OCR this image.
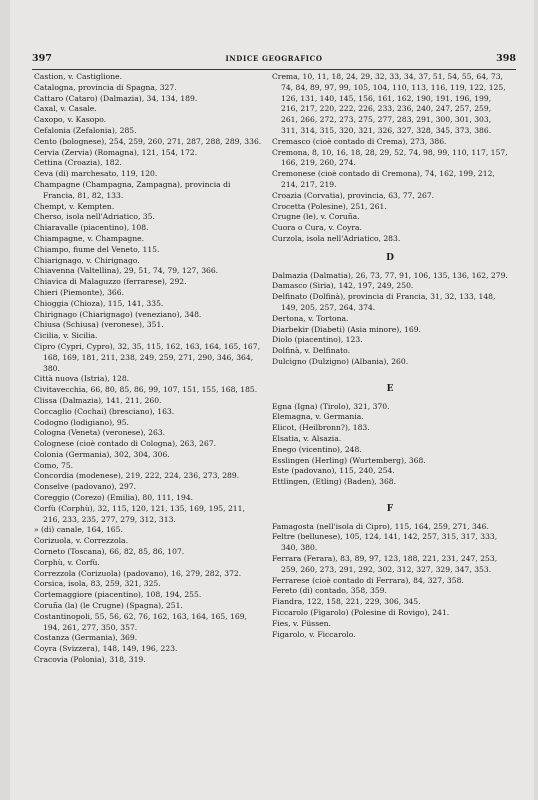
397	INDICE GEOGRAFICO	398
Castion, v. Castiglione.
Catalogna, provincia di Spagna, 327.
Cattaro (Cataro) (Dalmazia), 34, 134, 189.
Caxal, v. Casale.
Caxopo, v. Kasopo.
Cefalonia (Zefalonia), 285.
Cento (bolognese), 254, 259, 260, 271, 287, 288, 289, 336.
Cervia (Zervia) (Romagna), 121, 154, 172.
Cettina (Croazia), 182.
Ceva (di) marchesato, 119, 120.
Champagne (Champagna, Zampagna), provincia di Francia, 81, 82, 133.
Chempt, v. Kempten.
Cherso, isola nell'Adriatico, 35.
Chiaravalle (piacentino), 108.
Chiampagne, v. Champagne.
Chiampo, fiume del Veneto, 115.
Chiarignago, v. Chirignago.
Chiavenna (Valtellina), 29, 51, 74, 79, 127, 366.
Chiavica di Malaguzzo (ferrarese), 292.
Chieri (Piemonte), 366.
Chioggia (Chioza), 115, 141, 335.
Chirignago (Chiarignago) (veneziano), 348.
Chiusa (Schiusa) (veronese), 351.
Cicilia, v. Sicilia.
Cipro (Cypri, Cypro), 32, 35, 115, 162, 163, 164, 165, 167, 168, 169, 181, 211, 238, 249, 259, 271, 290, 346, 364, 380.
Città nuova (Istria), 128.
Civitavecchia, 66, 80, 85, 86, 99, 107, 151, 155, 168, 185.
Clissa (Dalmazia), 141, 211, 260.
Coccaglio (Cochai) (bresciano), 163.
Codogno (lodigiano), 95.
Cologna (Veneta) (veronese), 263.
Colognese (cioè contado di Cologna), 263, 267.
Colonia (Germania), 302, 304, 306.
Como, 75.
Concordia (modenese), 219, 222, 224, 236, 273, 289.
Conselve (padovano), 297.
Coreggio (Corezo) (Emilia), 80, 111, 194.
Corfù (Corphù), 32, 115, 120, 121, 135, 169, 195, 211, 216, 233, 235, 277, 279, 312, 313.
» (di) canale, 164, 165.
Corizuola, v. Correzzola.
Corneto (Toscana), 66, 82, 85, 86, 107.
Corphù, v. Corfù.
Correzzola (Corizuola) (padovano), 16, 279, 282, 372.
Corsica, isola, 83, 259, 321, 325.
Cortemaggiore (piacentino), 108, 194, 255.
Coruña (la) (le Crugne) (Spagna), 251.
Costantinopoli, 55, 56, 62, 76, 162, 163, 164, 165, 169, 194, 261, 277, 350, 357.
Costanza (Germania), 369.
Coyra (Svizzera), 148, 149, 196, 223.
Cracovia (Polonia), 318, 319.
Crema, 10, 11, 18, 24, 29, 32, 33, 34, 37, 51, 54, 55, 64, 73, 74, 84, 89, 97, 99, 105, 104, 110, 113, 116, 119, 122, 125, 126, 131, 140, 145, 156, 161, 162, 190, 191, 196, 199, 216, 217, 220, 222, 226, 233, 236, 240, 247, 257, 259, 261, 266, 272, 273, 275, 277, 283, 291, 300, 301, 303, 311, 314, 315, 320, 321, 326, 327, 328, 345, 373, 386.
Cremasco (cioè contado di Crema), 273, 386.
Cremona, 8, 10, 16, 18, 28, 29, 52, 74, 98, 99, 110, 117, 157, 166, 219, 260, 274.
Cremonese (cioè contado di Cremona), 74, 162, 199, 212, 214, 217, 219.
Croazia (Corvatia), provincia, 63, 77, 267.
Crocetta (Polesine), 251, 261.
Crugne (le), v. Coruña.
Cuora o Cura, v. Coyra.
Curzola, isola nell'Adriatico, 283.
D
Dalmazia (Dalmatia), 26, 73, 77, 91, 106, 135, 136, 162, 279.
Damasco (Siria), 142, 197, 249, 250.
Delfinato (Dolfinà), provincia di Francia, 31, 32, 133, 148, 149, 205, 257, 264, 374.
Dertona, v. Tortona.
Diarbekir (Diabeti) (Asia minore), 169.
Diolo (piacentino), 123.
Dolfinà, v. Delfinato.
Dulcigno (Dulzigno) (Albania), 260.
E
Egna (Igna) (Tirolo), 321, 370.
Elemagna, v. Germania.
Elicot, (Heilbronn?), 183.
Elsatia, v. Alsazia.
Enego (vicentino), 248.
Esslingen (Herling) (Wurtemberg), 368.
Este (padovano), 115, 240, 254.
Ettlingen, (Etling) (Baden), 368.
F
Famagosta (nell'isola di Cipro), 115, 164, 259, 271, 346.
Feltre (bellunese), 105, 124, 141, 142, 257, 315, 317, 333, 340, 380.
Ferrara (Ferara), 83, 89, 97, 123, 188, 221, 231, 247, 253, 259, 260, 273, 291, 292, 302, 312, 327, 329, 347, 353.
Ferrarese (cioè contado di Ferrara), 84, 327, 358.
Fereto (di) contado, 358, 359.
Fiandra, 122, 158, 221, 229, 306, 345.
Ficcarolo (Figarolo) (Polesine di Rovigo), 241.
Fies, v. Füssen.
Figarolo, v. Ficcarolo.
